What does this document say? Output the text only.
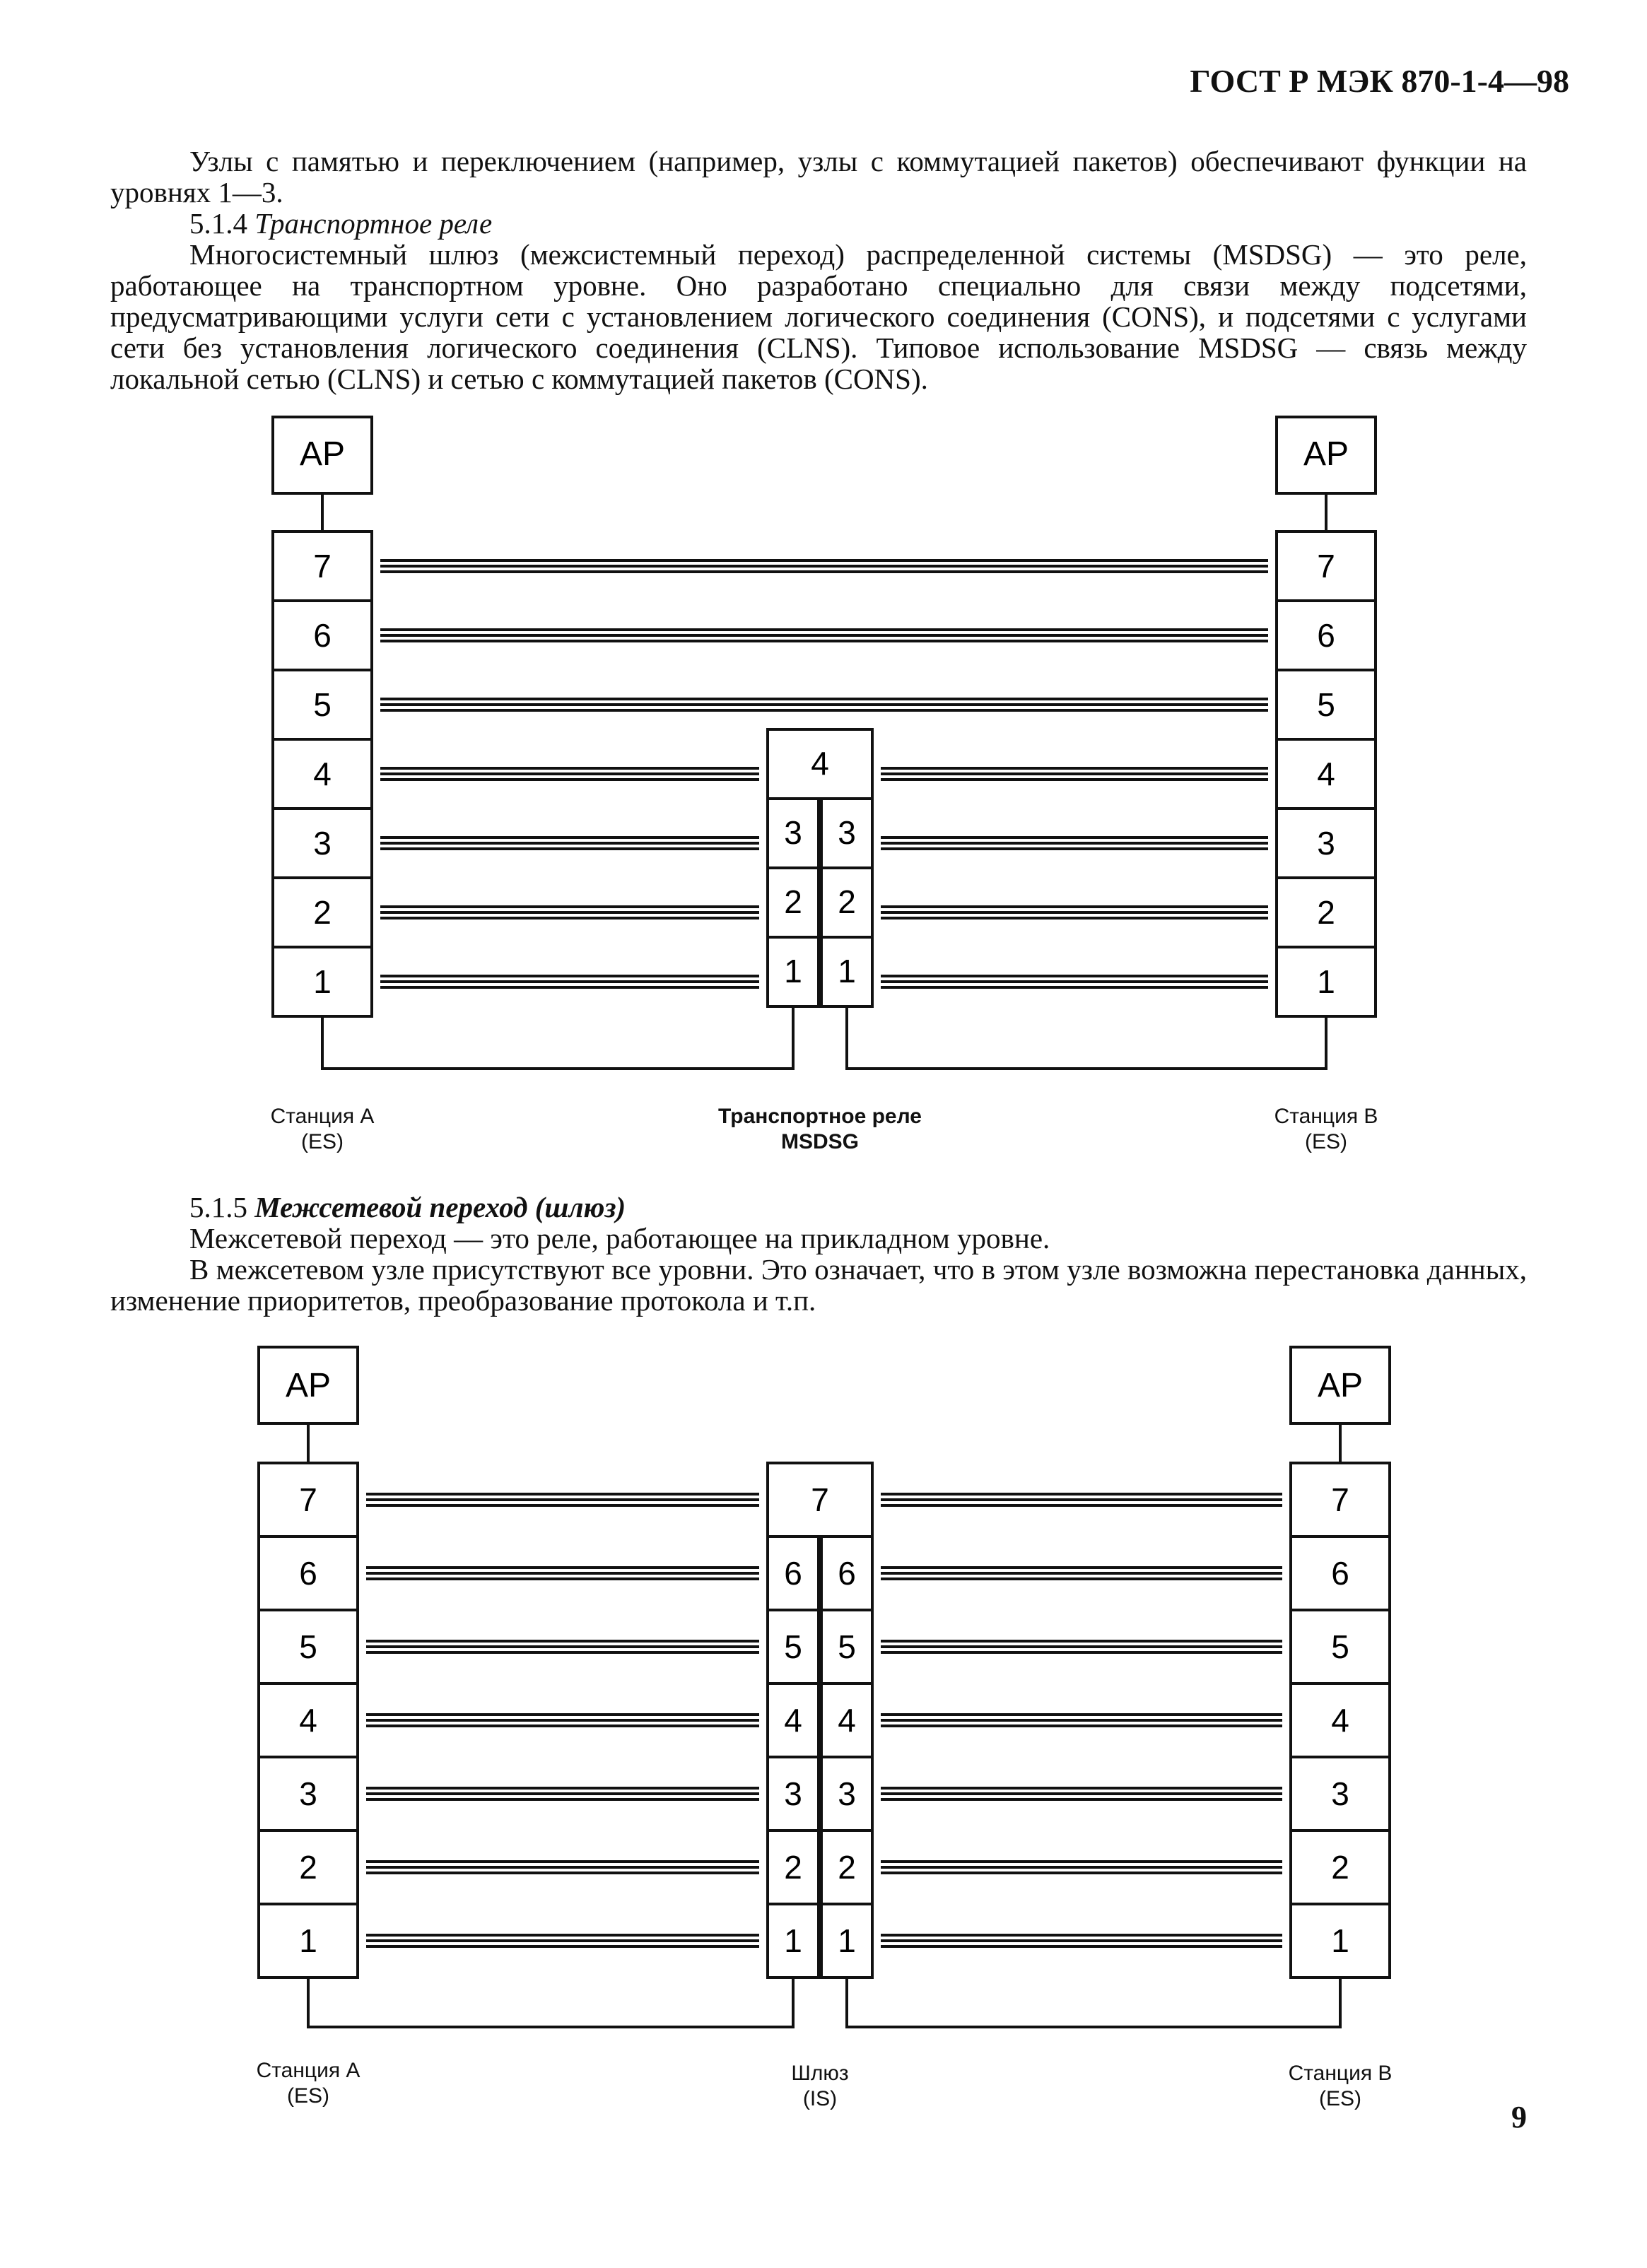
ГОСТ Р МЭК 870-1-4—98

Узлы с памятью и переключением (например, узлы с коммутацией пакетов) обеспечивают функции на уровнях 1—3.

5.1.4 Транспортное реле

Многосистемный шлюз (межсистемный переход) распределенной системы (MSDSG) — это реле, работающее на транспортном уровне. Оно разработано специально для связи между подсетями, предусматривающими услуги сети с установлением логического соединения (CONS), и подсетями с услугами сети без установления логического соединения (CLNS). Типовое использование MSDSG — связь между локальной сетью (CLNS) и сетью с коммутацией пакетов (CONS).

AP	AP
7
6
5
4
3
2
1
7
6
5
4
3
2
1
4
3
2
1
3
2
1
Станция А
(ES)
Транспортное реле
MSDSG
Станция В
(ES)

5.1.5 Межсетевой переход (шлюз)

Межсетевой переход — это реле, работающее на прикладном уровне.

В межсетевом узле присутствуют все уровни. Это означает, что в этом узле возможна перестановка данных, изменение приоритетов, преобразование протокола и т.п.

AP	AP
7
6
5
4
3
2
1
7
6
5
4
3
2
1
7
6
5
4
3
2
1
6
5
4
3
2
1
Станция А
(ES)
Шлюз
(IS)
Станция В
(ES)
9
